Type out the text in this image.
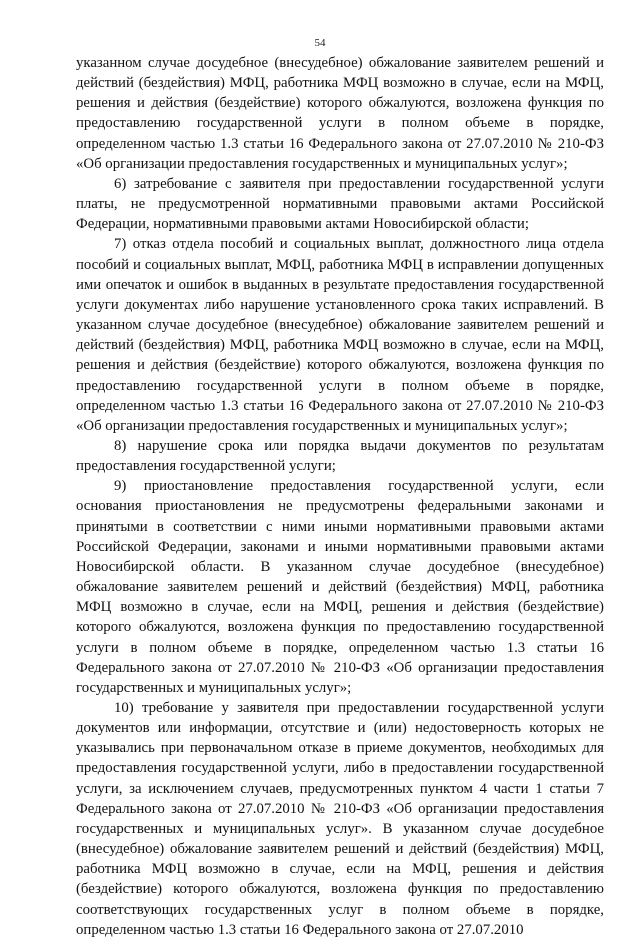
54

указанном случае досудебное (внесудебное) обжалование заявителем решений и действий (бездействия) МФЦ, работника МФЦ возможно в случае, если на МФЦ, решения и действия (бездействие) которого обжалуются, возложена функция по предоставлению государственной услуги в полном объеме в порядке, определенном частью 1.3 статьи 16 Федерального закона от 27.07.2010 № 210-ФЗ «Об организации предоставления государственных и муниципальных услуг»;

6) затребование с заявителя при предоставлении государственной услуги платы, не предусмотренной нормативными правовыми актами Российской Федерации, нормативными правовыми актами Новосибирской области;

7) отказ отдела пособий и социальных выплат, должностного лица отдела пособий и социальных выплат, МФЦ, работника МФЦ в исправлении допущенных ими опечаток и ошибок в выданных в результате предоставления государственной услуги документах либо нарушение установленного срока таких исправлений. В указанном случае досудебное (внесудебное) обжалование заявителем решений и действий (бездействия) МФЦ, работника МФЦ возможно в случае, если на МФЦ, решения и действия (бездействие) которого обжалуются, возложена функция по предоставлению государственной услуги в полном объеме в порядке, определенном частью 1.3 статьи 16 Федерального закона от 27.07.2010 № 210-ФЗ «Об организации предоставления государственных и муниципальных услуг»;

8) нарушение срока или порядка выдачи документов по результатам предоставления государственной услуги;

9) приостановление предоставления государственной услуги, если основания приостановления не предусмотрены федеральными законами и принятыми в соответствии с ними иными нормативными правовыми актами Российской Федерации, законами и иными нормативными правовыми актами Новосибирской области. В указанном случае досудебное (внесудебное) обжалование заявителем решений и действий (бездействия) МФЦ, работника МФЦ возможно в случае, если на МФЦ, решения и действия (бездействие) которого обжалуются, возложена функция по предоставлению государственной услуги в полном объеме в порядке, определенном частью 1.3 статьи 16 Федерального закона от 27.07.2010 № 210-ФЗ «Об организации предоставления государственных и муниципальных услуг»;

10) требование у заявителя при предоставлении государственной услуги документов или информации, отсутствие и (или) недостоверность которых не указывались при первоначальном отказе в приеме документов, необходимых для предоставления государственной услуги, либо в предоставлении государственной услуги, за исключением случаев, предусмотренных пунктом 4 части 1 статьи 7 Федерального закона от 27.07.2010 № 210-ФЗ «Об организации предоставления государственных и муниципальных услуг». В указанном случае досудебное (внесудебное) обжалование заявителем решений и действий (бездействия) МФЦ, работника МФЦ возможно в случае, если на МФЦ, решения и действия (бездействие) которого обжалуются, возложена функция по предоставлению соответствующих государственных услуг в полном объеме в порядке, определенном частью 1.3 статьи 16 Федерального закона от 27.07.2010
